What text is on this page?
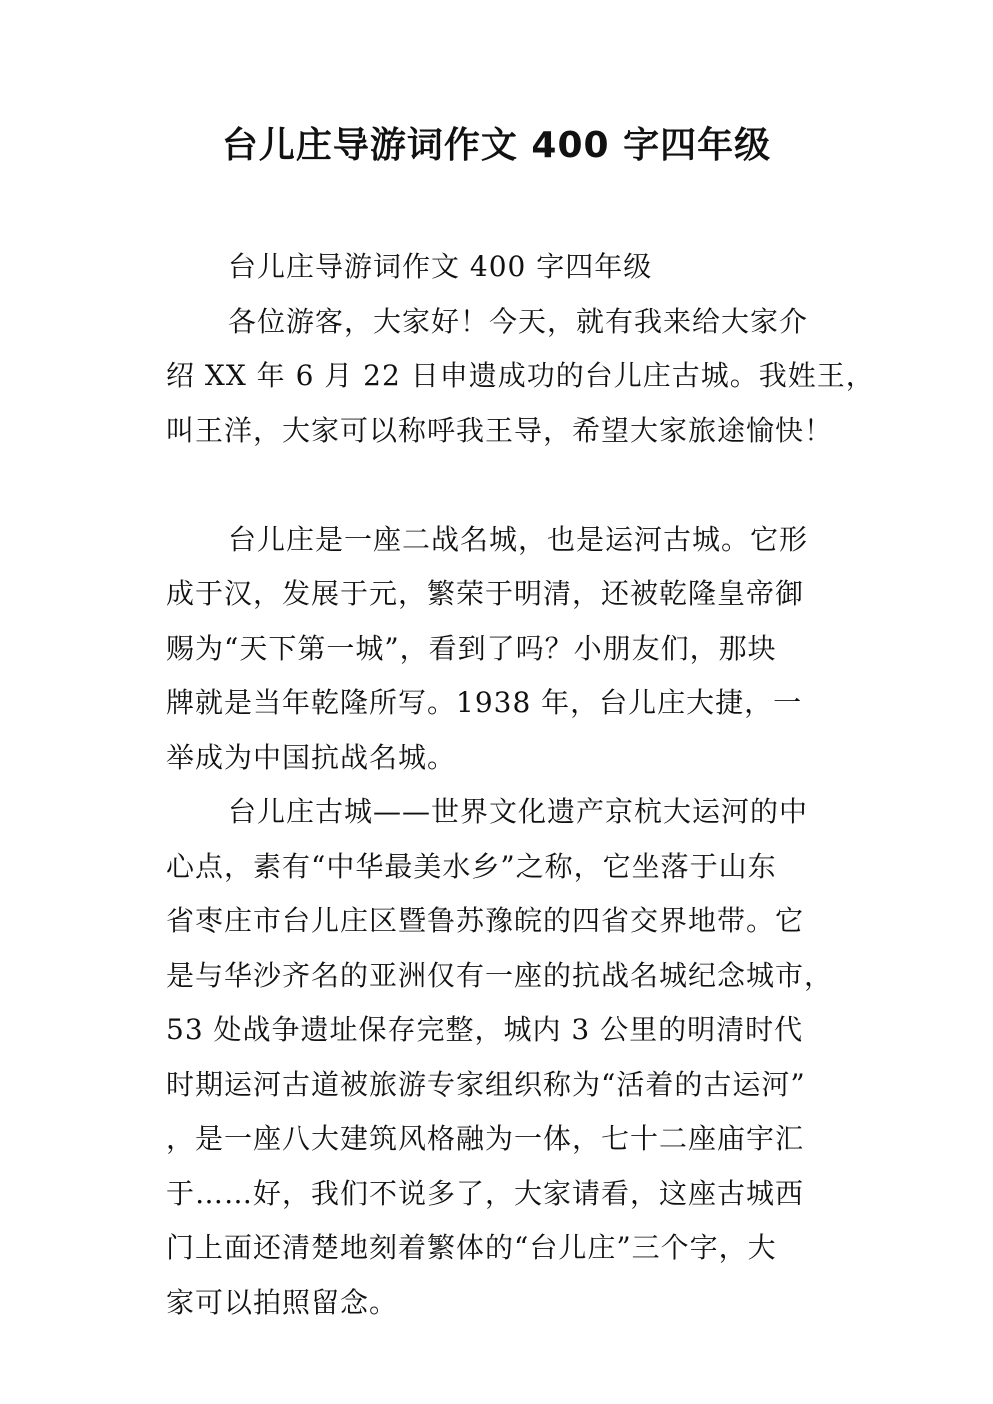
台儿庄导游词作文 400 字四年级
台儿庄导游词作文 400 字四年级
各位游客，大家好！今天，就有我来给大家介
绍 XX 年 6 月 22 日申遗成功的台儿庄古城。我姓王，
叫王洋，大家可以称呼我王导，希望大家旅途愉快！
台儿庄是一座二战名城，也是运河古城。它形
成于汉，发展于元，繁荣于明清，还被乾隆皇帝御
赐为“天下第一城”，看到了吗？小朋友们，那块
牌就是当年乾隆所写。1938 年，台儿庄大捷，一
举成为中国抗战名城。
台儿庄古城——世界文化遗产京杭大运河的中
心点，素有“中华最美水乡”之称，它坐落于山东
省枣庄市台儿庄区暨鲁苏豫皖的四省交界地带。它
是与华沙齐名的亚洲仅有一座的抗战名城纪念城市，
53 处战争遗址保存完整，城内 3 公里的明清时代
时期运河古道被旅游专家组织称为“活着的古运河”
，是一座八大建筑风格融为一体，七十二座庙宇汇
于……好，我们不说多了，大家请看，这座古城西
门上面还清楚地刻着繁体的“台儿庄”三个字，大
家可以拍照留念。
